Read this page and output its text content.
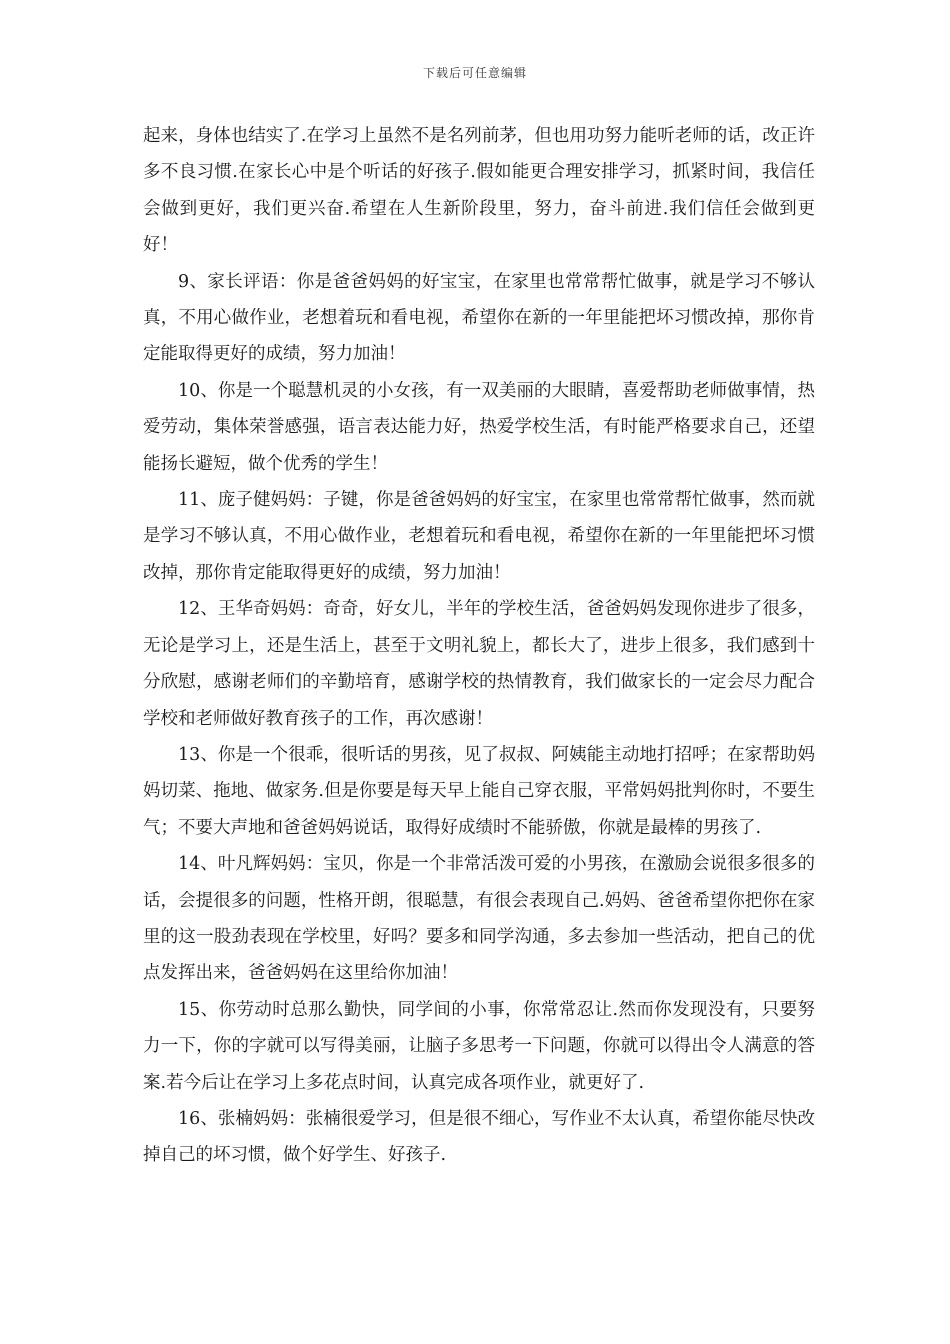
下载后可任意编辑

起来，身体也结实了.在学习上虽然不是名列前茅，但也用功努力能听老师的话，改正许多不良习惯.在家长心中是个听话的好孩子.假如能更合理安排学习，抓紧时间，我信任会做到更好，我们更兴奋.希望在人生新阶段里，努力，奋斗前进.我们信任会做到更好！

9、家长评语：你是爸爸妈妈的好宝宝，在家里也常常帮忙做事，就是学习不够认真，不用心做作业，老想着玩和看电视，希望你在新的一年里能把坏习惯改掉，那你肯定能取得更好的成绩，努力加油！

10、你是一个聪慧机灵的小女孩，有一双美丽的大眼睛，喜爱帮助老师做事情，热爱劳动，集体荣誉感强，语言表达能力好，热爱学校生活，有时能严格要求自己，还望能扬长避短，做个优秀的学生！

11、庞子健妈妈：子键，你是爸爸妈妈的好宝宝，在家里也常常帮忙做事，然而就是学习不够认真，不用心做作业，老想着玩和看电视，希望你在新的一年里能把坏习惯改掉，那你肯定能取得更好的成绩，努力加油！

12、王华奇妈妈：奇奇，好女儿，半年的学校生活，爸爸妈妈发现你进步了很多，无论是学习上，还是生活上，甚至于文明礼貌上，都长大了，进步上很多，我们感到十分欣慰，感谢老师们的辛勤培育，感谢学校的热情教育，我们做家长的一定会尽力配合学校和老师做好教育孩子的工作，再次感谢！

13、你是一个很乖，很听话的男孩，见了叔叔、阿姨能主动地打招呼；在家帮助妈妈切菜、拖地、做家务.但是你要是每天早上能自己穿衣服，平常妈妈批判你时，不要生气；不要大声地和爸爸妈妈说话，取得好成绩时不能骄傲，你就是最棒的男孩了.

14、叶凡辉妈妈：宝贝，你是一个非常活泼可爱的小男孩，在激励会说很多很多的话，会提很多的问题，性格开朗，很聪慧，有很会表现自己.妈妈、爸爸希望你把你在家里的这一股劲表现在学校里，好吗？要多和同学沟通，多去参加一些活动，把自己的优点发挥出来，爸爸妈妈在这里给你加油！

15、你劳动时总那么勤快，同学间的小事，你常常忍让.然而你发现没有，只要努力一下，你的字就可以写得美丽，让脑子多思考一下问题，你就可以得出令人满意的答案.若今后让在学习上多花点时间，认真完成各项作业，就更好了.

16、张楠妈妈：张楠很爱学习，但是很不细心，写作业不太认真，希望你能尽快改掉自己的坏习惯，做个好学生、好孩子.
